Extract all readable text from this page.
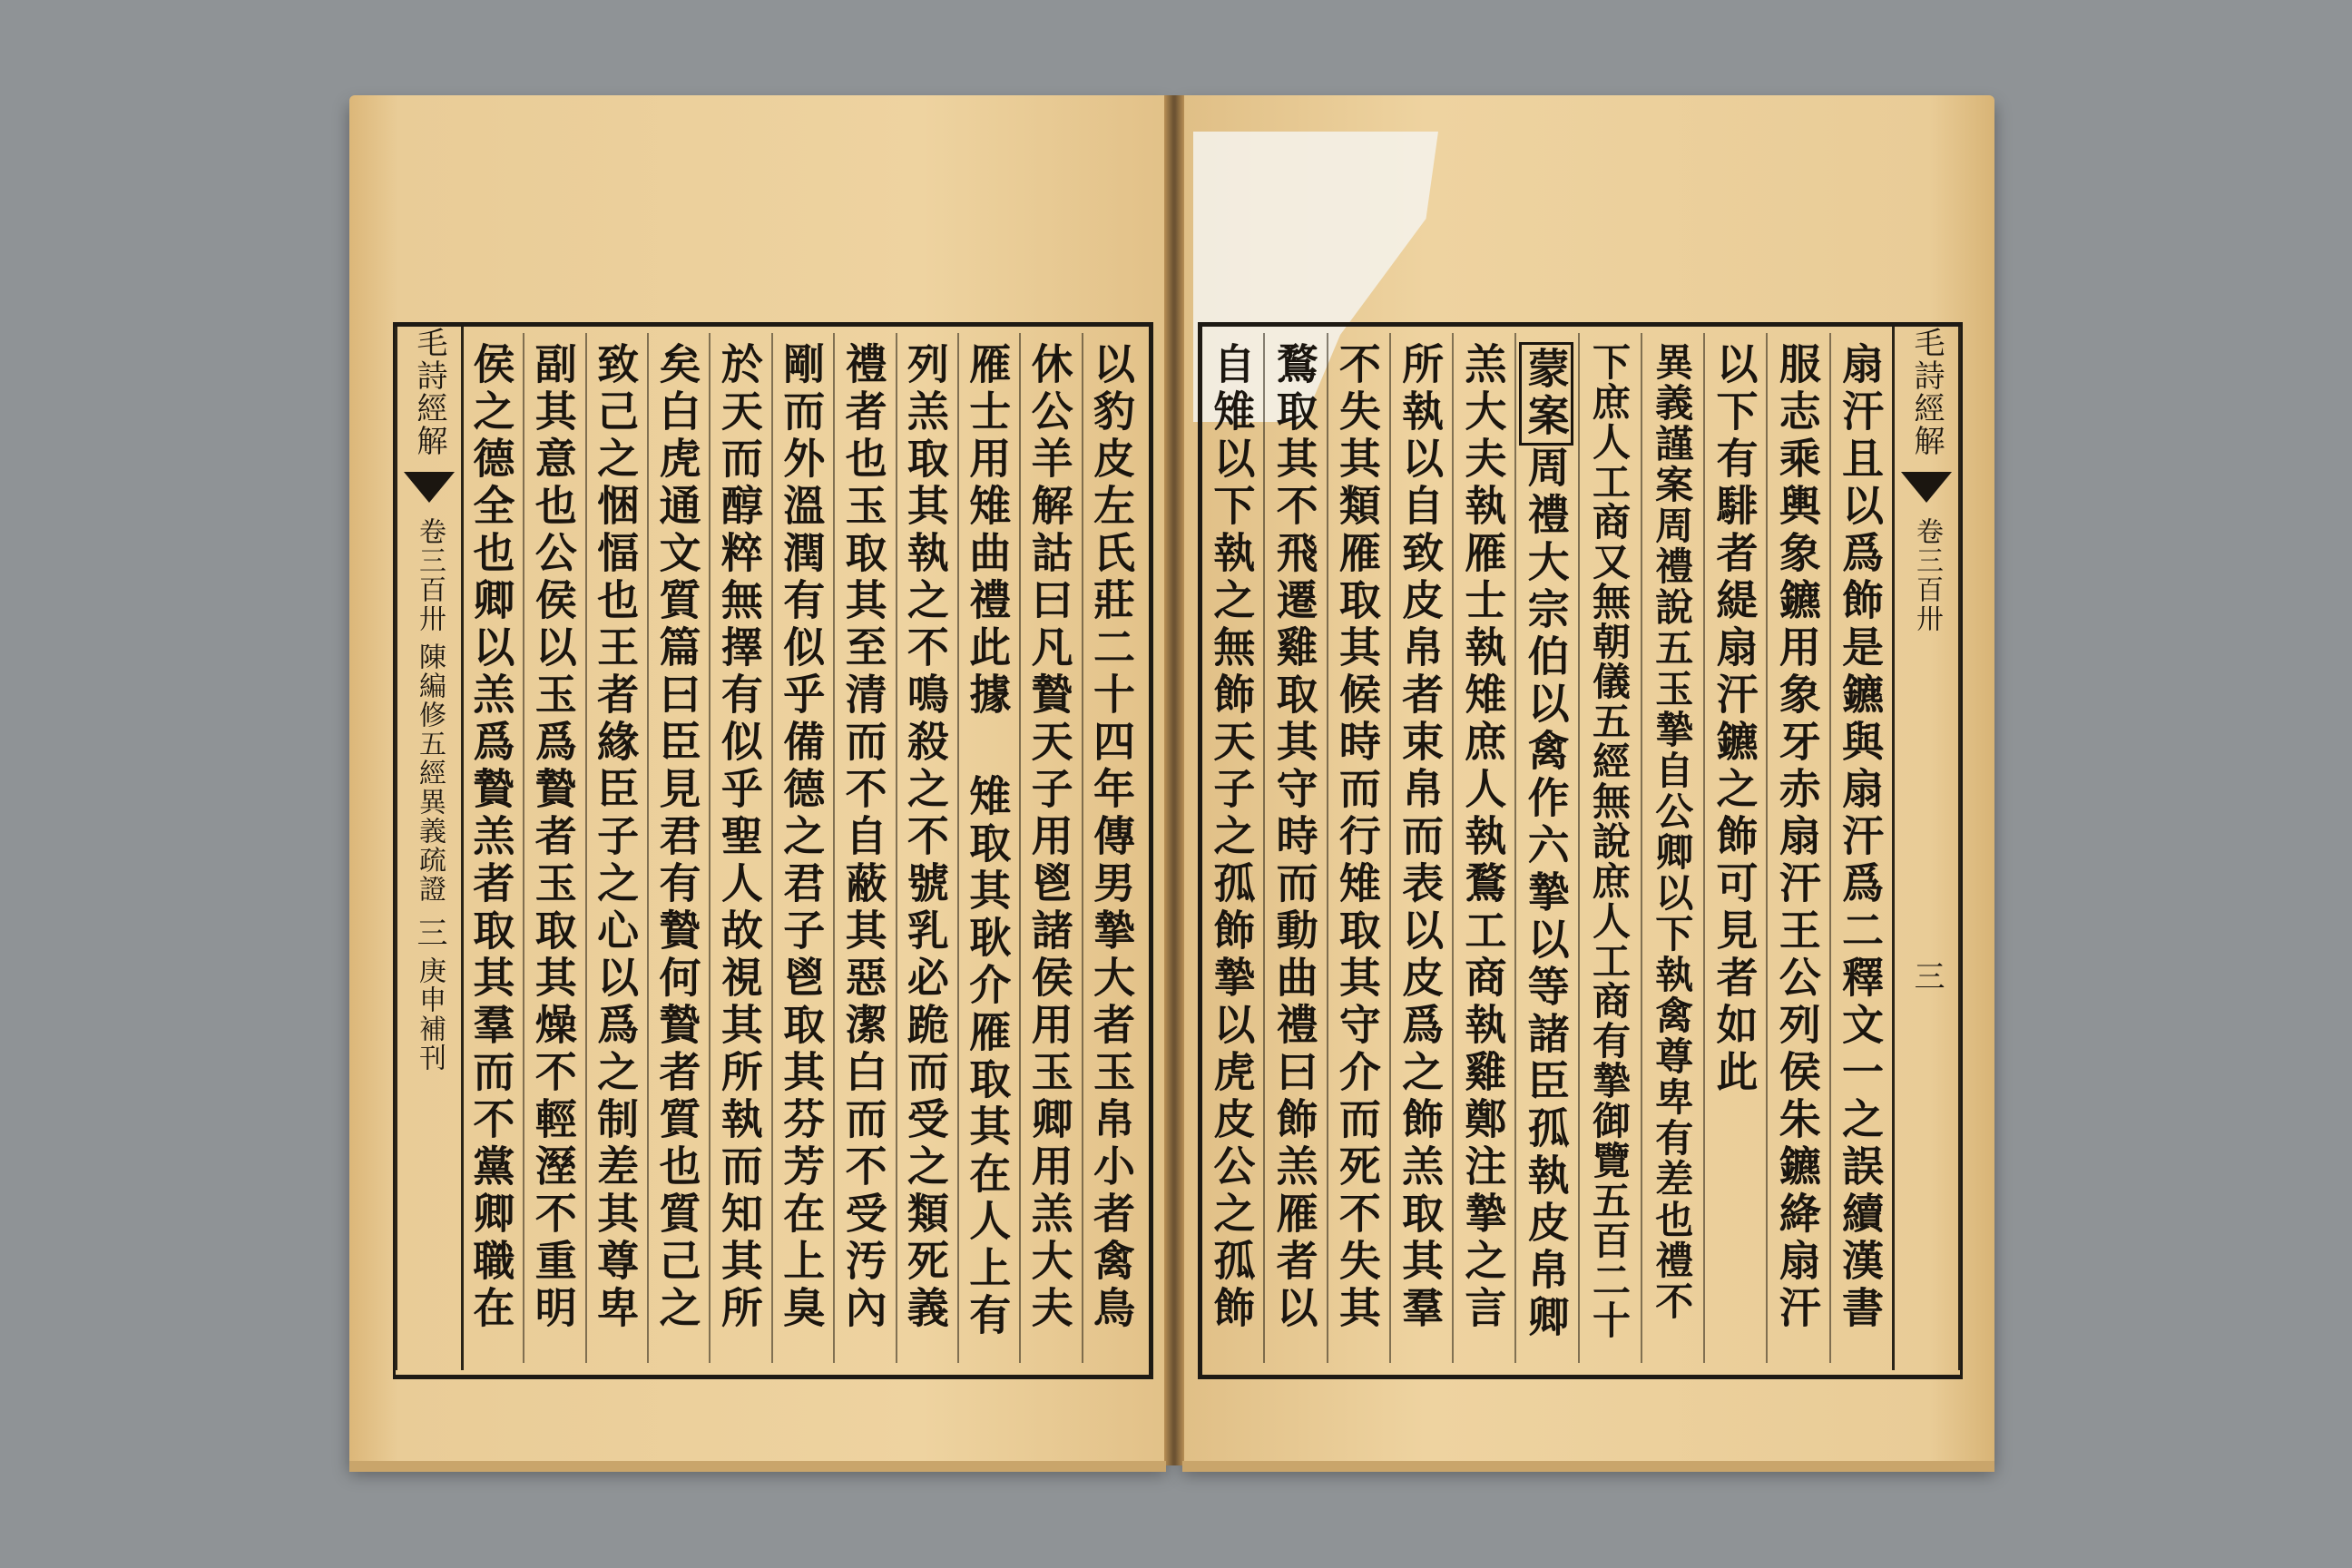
毛詩經解
卷三百卅
陳編修五經異義疏證
三
庚申補刊
以豹皮左氏莊二十四年傳男摯大者玉帛小者禽鳥
休公羊解詁曰凡贄天子用鬯諸侯用玉卿用羔大夫
雁士用雉曲禮此據 雉取其耿介雁取其在人上有
列羔取其執之不鳴殺之不號乳必跪而受之類死義
禮者也玉取其至清而不自蔽其惡潔白而不受汚內
剛而外溫潤有似乎備德之君子鬯取其芬芳在上臭
於天而醇粹無擇有似乎聖人故視其所執而知其所
矣白虎通文質篇曰臣見君有贄何贄者質也質己之
致己之悃愊也王者緣臣子之心以爲之制差其尊卑
副其意也公侯以玉爲贄者玉取其燥不輕溼不重明
侯之德全也卿以羔爲贄羔者取其羣而不黨卿職在
毛詩經解
卷三百卅
三
扇汗且以爲飾是鑣與扇汗爲二釋文一之誤續漢書
服志乘輿象鑣用象牙赤扇汗王公列侯朱鑣絳扇汗
以下有騑者緹扇汗鑣之飾可見者如此
異義謹案周禮說五玉摯自公卿以下執禽尊卑有差也禮不
下庶人工商又無朝儀五經無說庶人工商有摯御覽五百二十
蒙案周禮大宗伯以禽作六摯以等諸臣孤執皮帛卿
羔大夫執雁士執雉庶人執鶩工商執雞鄭注摯之言
所執以自致皮帛者束帛而表以皮爲之飾羔取其羣
不失其類雁取其候時而行雉取其守介而死不失其
鶩取其不飛遷雞取其守時而動曲禮曰飾羔雁者以
自雉以下執之無飾天子之孤飾摯以虎皮公之孤飾
